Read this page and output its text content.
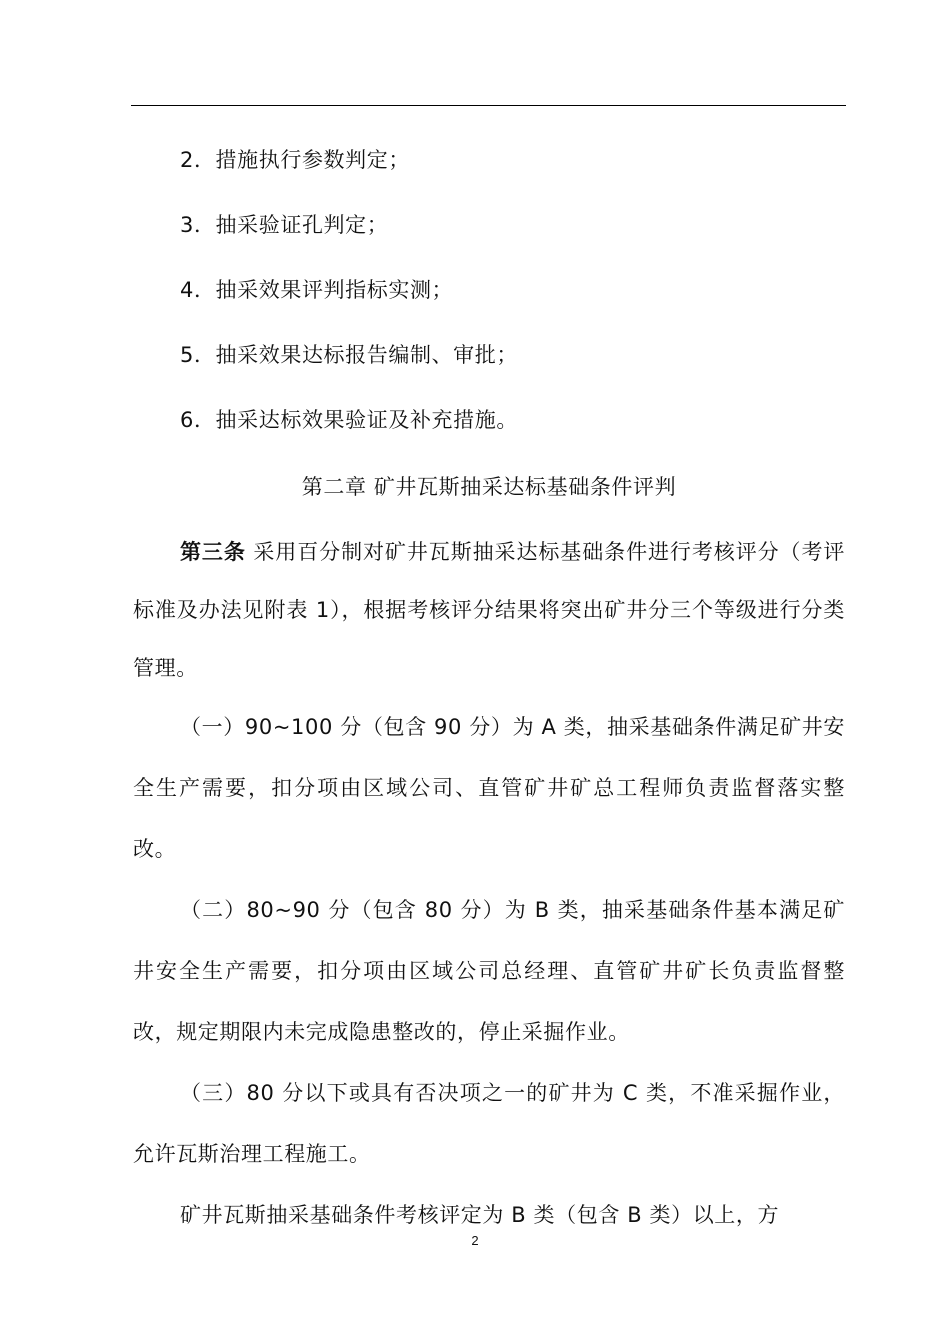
2．措施执行参数判定；
3．抽采验证孔判定；
4．抽采效果评判指标实测；
5．抽采效果达标报告编制、审批；
6．抽采达标效果验证及补充措施。
第二章 矿井瓦斯抽采达标基础条件评判

第三条 采用百分制对矿井瓦斯抽采达标基础条件进行考核评分（考评标准及办法见附表 1），根据考核评分结果将突出矿井分三个等级进行分类管理。

（一）90~100 分（包含 90 分）为 A 类，抽采基础条件满足矿井安全生产需要，扣分项由区域公司、直管矿井矿总工程师负责监督落实整改。

（二）80~90 分（包含 80 分）为 B 类，抽采基础条件基本满足矿井安全生产需要，扣分项由区域公司总经理、直管矿井矿长负责监督整改，规定期限内未完成隐患整改的，停止采掘作业。

（三）80 分以下或具有否决项之一的矿井为 C 类，不准采掘作业，允许瓦斯治理工程施工。

矿井瓦斯抽采基础条件考核评定为 B 类（包含 B 类）以上，方

2
